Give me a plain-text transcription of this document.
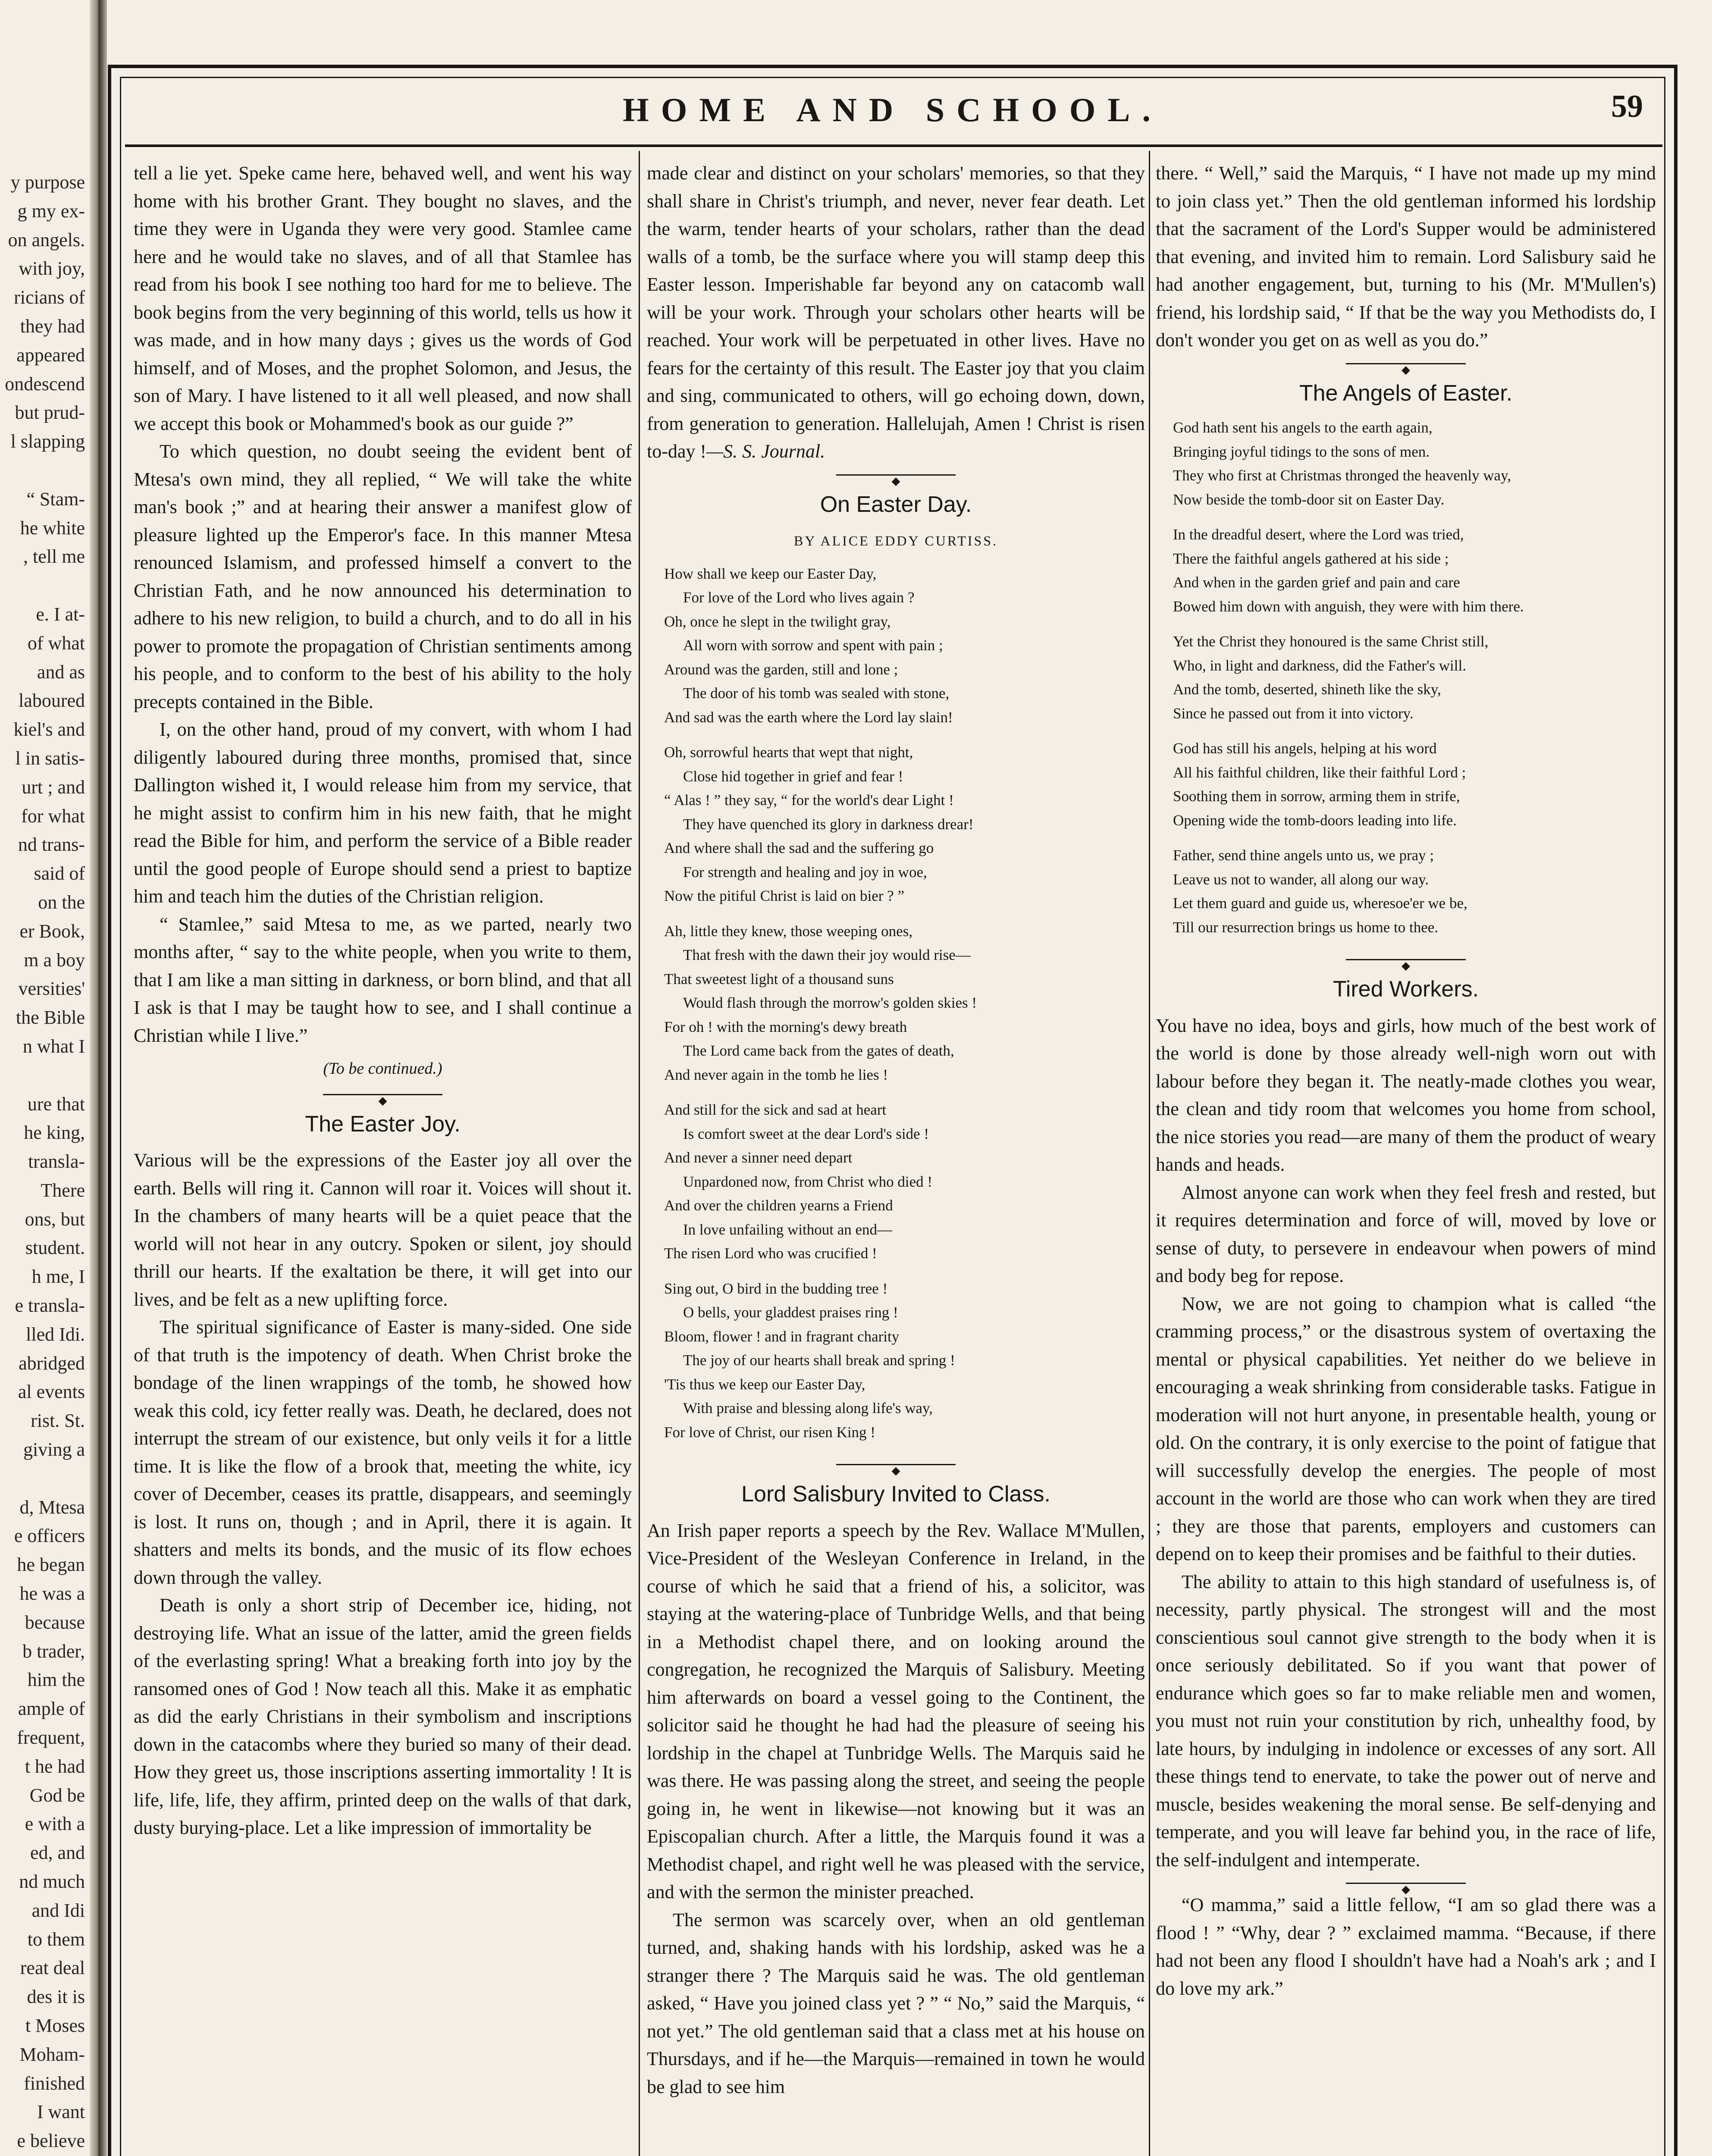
y purpose
g my ex-
on angels.
with joy,
ricians of
they had
appeared
ondescend
but prud-
l slapping

“ Stam-
he white
, tell me

e. I at-
of what
and as
laboured
kiel's and
l in satis-
urt ; and
for what
nd trans-
said of
on the
er Book,
m a boy
versities'
the Bible
n what I

ure that
he king,
transla-
There
ons, but
student.
h me, I
e transla-
lled Idi.
abridged
al events
rist. St.
giving a

d, Mtesa
e officers
he began
he was a
because
b trader,
him the
ample of
frequent,
t he had
God be
e with a
ed, and
nd much
and Idi
to them
reat deal
des it is
t Moses
Moham-
finished
I want
e believe

HOME AND SCHOOL.	59

tell a lie yet. Speke came here, behaved well, and went his way home with his brother Grant. They bought no slaves, and the time they were in Uganda they were very good. Stamlee came here and he would take no slaves, and of all that Stamlee has read from his book I see nothing too hard for me to believe. The book begins from the very beginning of this world, tells us how it was made, and in how many days ; gives us the words of God himself, and of Moses, and the prophet Solomon, and Jesus, the son of Mary. I have listened to it all well pleased, and now shall we accept this book or Mohammed's book as our guide ?”

To which question, no doubt seeing the evident bent of Mtesa's own mind, they all replied, “ We will take the white man's book ;” and at hearing their answer a manifest glow of pleasure lighted up the Emperor's face. In this manner Mtesa renounced Islamism, and professed himself a convert to the Christian Fath, and he now announced his determination to adhere to his new religion, to build a church, and to do all in his power to promote the propagation of Christian sentiments among his people, and to conform to the best of his ability to the holy precepts contained in the Bible.

I, on the other hand, proud of my convert, with whom I had diligently laboured during three months, promised that, since Dallington wished it, I would release him from my service, that he might assist to confirm him in his new faith, that he might read the Bible for him, and perform the service of a Bible reader until the good people of Europe should send a priest to baptize him and teach him the duties of the Christian religion.

“ Stamlee,” said Mtesa to me, as we parted, nearly two months after, “ say to the white people, when you write to them, that I am like a man sitting in darkness, or born blind, and that all I ask is that I may be taught how to see, and I shall continue a Christian while I live.”

(To be continued.)
◆
The Easter Joy.

Various will be the expressions of the Easter joy all over the earth. Bells will ring it. Cannon will roar it. Voices will shout it. In the chambers of many hearts will be a quiet peace that the world will not hear in any outcry. Spoken or silent, joy should thrill our hearts. If the exaltation be there, it will get into our lives, and be felt as a new uplifting force.

The spiritual significance of Easter is many-sided. One side of that truth is the impotency of death. When Christ broke the bondage of the linen wrappings of the tomb, he showed how weak this cold, icy fetter really was. Death, he declared, does not interrupt the stream of our existence, but only veils it for a little time. It is like the flow of a brook that, meeting the white, icy cover of December, ceases its prattle, disappears, and seemingly is lost. It runs on, though ; and in April, there it is again. It shatters and melts its bonds, and the music of its flow echoes down through the valley.

Death is only a short strip of December ice, hiding, not destroying life. What an issue of the latter, amid the green fields of the everlasting spring! What a breaking forth into joy by the ransomed ones of God ! Now teach all this. Make it as emphatic as did the early Christians in their symbolism and inscriptions down in the catacombs where they buried so many of their dead. How they greet us, those inscriptions asserting immortality ! It is life, life, life, they affirm, printed deep on the walls of that dark, dusty burying-place. Let a like impression of immortality be

made clear and distinct on your scholars' memories, so that they shall share in Christ's triumph, and never, never fear death. Let the warm, tender hearts of your scholars, rather than the dead walls of a tomb, be the surface where you will stamp deep this Easter lesson. Imperishable far beyond any on catacomb wall will be your work. Through your scholars other hearts will be reached. Your work will be perpetuated in other lives. Have no fears for the certainty of this result. The Easter joy that you claim and sing, communicated to others, will go echoing down, down, from generation to generation. Hallelujah, Amen ! Christ is risen to-day !—S. S. Journal.

◆
On Easter Day.
BY ALICE EDDY CURTISS.
How shall we keep our Easter Day,
For love of the Lord who lives again ?
Oh, once he slept in the twilight gray,
All worn with sorrow and spent with pain ;
Around was the garden, still and lone ;
The door of his tomb was sealed with stone,
And sad was the earth where the Lord lay slain!
Oh, sorrowful hearts that wept that night,
Close hid together in grief and fear !
“ Alas ! ” they say, “ for the world's dear Light !
They have quenched its glory in darkness drear!
And where shall the sad and the suffering go
For strength and healing and joy in woe,
Now the pitiful Christ is laid on bier ? ”
Ah, little they knew, those weeping ones,
That fresh with the dawn their joy would rise—
That sweetest light of a thousand suns
Would flash through the morrow's golden skies !
For oh ! with the morning's dewy breath
The Lord came back from the gates of death,
And never again in the tomb he lies !
And still for the sick and sad at heart
Is comfort sweet at the dear Lord's side !
And never a sinner need depart
Unpardoned now, from Christ who died !
And over the children yearns a Friend
In love unfailing without an end—
The risen Lord who was crucified !
Sing out, O bird in the budding tree !
O bells, your gladdest praises ring !
Bloom, flower ! and in fragrant charity
The joy of our hearts shall break and spring !
'Tis thus we keep our Easter Day,
With praise and blessing along life's way,
For love of Christ, our risen King !
◆
Lord Salisbury Invited to Class.

An Irish paper reports a speech by the Rev. Wallace M'Mullen, Vice-President of the Wesleyan Conference in Ireland, in the course of which he said that a friend of his, a solicitor, was staying at the watering-place of Tunbridge Wells, and that being in a Methodist chapel there, and on looking around the congregation, he recognized the Marquis of Salisbury. Meeting him afterwards on board a vessel going to the Continent, the solicitor said he thought he had had the pleasure of seeing his lordship in the chapel at Tunbridge Wells. The Marquis said he was there. He was passing along the street, and seeing the people going in, he went in likewise—not knowing but it was an Episcopalian church. After a little, the Marquis found it was a Methodist chapel, and right well he was pleased with the service, and with the sermon the minister preached.

The sermon was scarcely over, when an old gentleman turned, and, shaking hands with his lordship, asked was he a stranger there ? The Marquis said he was. The old gentleman asked, “ Have you joined class yet ? ” “ No,” said the Marquis, “ not yet.” The old gentleman said that a class met at his house on Thursdays, and if he—the Marquis—remained in town he would be glad to see him

there. “ Well,” said the Marquis, “ I have not made up my mind to join class yet.” Then the old gentleman informed his lordship that the sacrament of the Lord's Supper would be administered that evening, and invited him to remain. Lord Salisbury said he had another engagement, but, turning to his (Mr. M'Mullen's) friend, his lordship said, “ If that be the way you Methodists do, I don't wonder you get on as well as you do.”

◆
The Angels of Easter.
God hath sent his angels to the earth again,
Bringing joyful tidings to the sons of men.
They who first at Christmas thronged the heavenly way,
Now beside the tomb-door sit on Easter Day.
In the dreadful desert, where the Lord was tried,
There the faithful angels gathered at his side ;
And when in the garden grief and pain and care
Bowed him down with anguish, they were with him there.
Yet the Christ they honoured is the same Christ still,
Who, in light and darkness, did the Father's will.
And the tomb, deserted, shineth like the sky,
Since he passed out from it into victory.
God has still his angels, helping at his word
All his faithful children, like their faithful Lord ;
Soothing them in sorrow, arming them in strife,
Opening wide the tomb-doors leading into life.
Father, send thine angels unto us, we pray ;
Leave us not to wander, all along our way.
Let them guard and guide us, wheresoe'er we be,
Till our resurrection brings us home to thee.
◆
Tired Workers.

You have no idea, boys and girls, how much of the best work of the world is done by those already well-nigh worn out with labour before they began it. The neatly-made clothes you wear, the clean and tidy room that welcomes you home from school, the nice stories you read—are many of them the product of weary hands and heads.

Almost anyone can work when they feel fresh and rested, but it requires determination and force of will, moved by love or sense of duty, to persevere in endeavour when powers of mind and body beg for repose.

Now, we are not going to champion what is called “the cramming process,” or the disastrous system of overtaxing the mental or physical capabilities. Yet neither do we believe in encouraging a weak shrinking from considerable tasks. Fatigue in moderation will not hurt anyone, in presentable health, young or old. On the contrary, it is only exercise to the point of fatigue that will successfully develop the energies. The people of most account in the world are those who can work when they are tired ; they are those that parents, employers and customers can depend on to keep their promises and be faithful to their duties.

The ability to attain to this high standard of usefulness is, of necessity, partly physical. The strongest will and the most conscientious soul cannot give strength to the body when it is once seriously debilitated. So if you want that power of endurance which goes so far to make reliable men and women, you must not ruin your constitution by rich, unhealthy food, by late hours, by indulging in indolence or excesses of any sort. All these things tend to enervate, to take the power out of nerve and muscle, besides weakening the moral sense. Be self-denying and temperate, and you will leave far behind you, in the race of life, the self-indulgent and intemperate.

◆

“O mamma,” said a little fellow, “I am so glad there was a flood ! ” “Why, dear ? ” exclaimed mamma. “Because, if there had not been any flood I shouldn't have had a Noah's ark ; and I do love my ark.”
